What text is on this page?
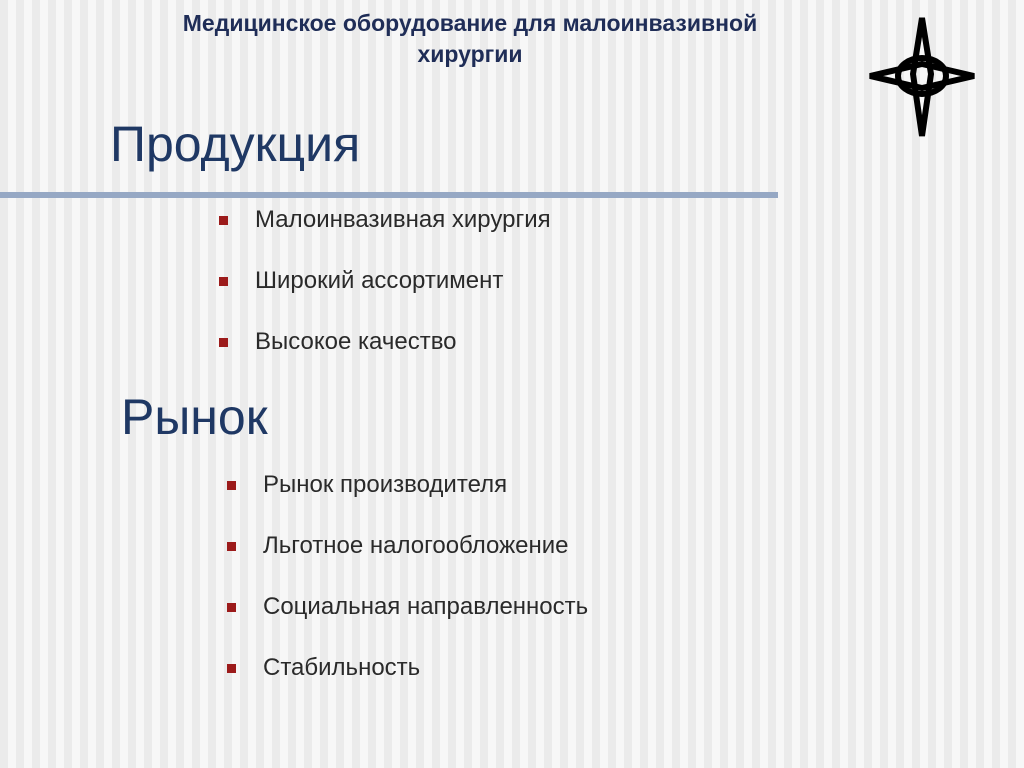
Медицинское оборудование для малоинвазивной
хирургии
Продукция
Малоинвазивная хирургия
Широкий ассортимент
Высокое качество
Рынок
Рынок производителя
Льготное налогообложение
Социальная направленность
Стабильность
